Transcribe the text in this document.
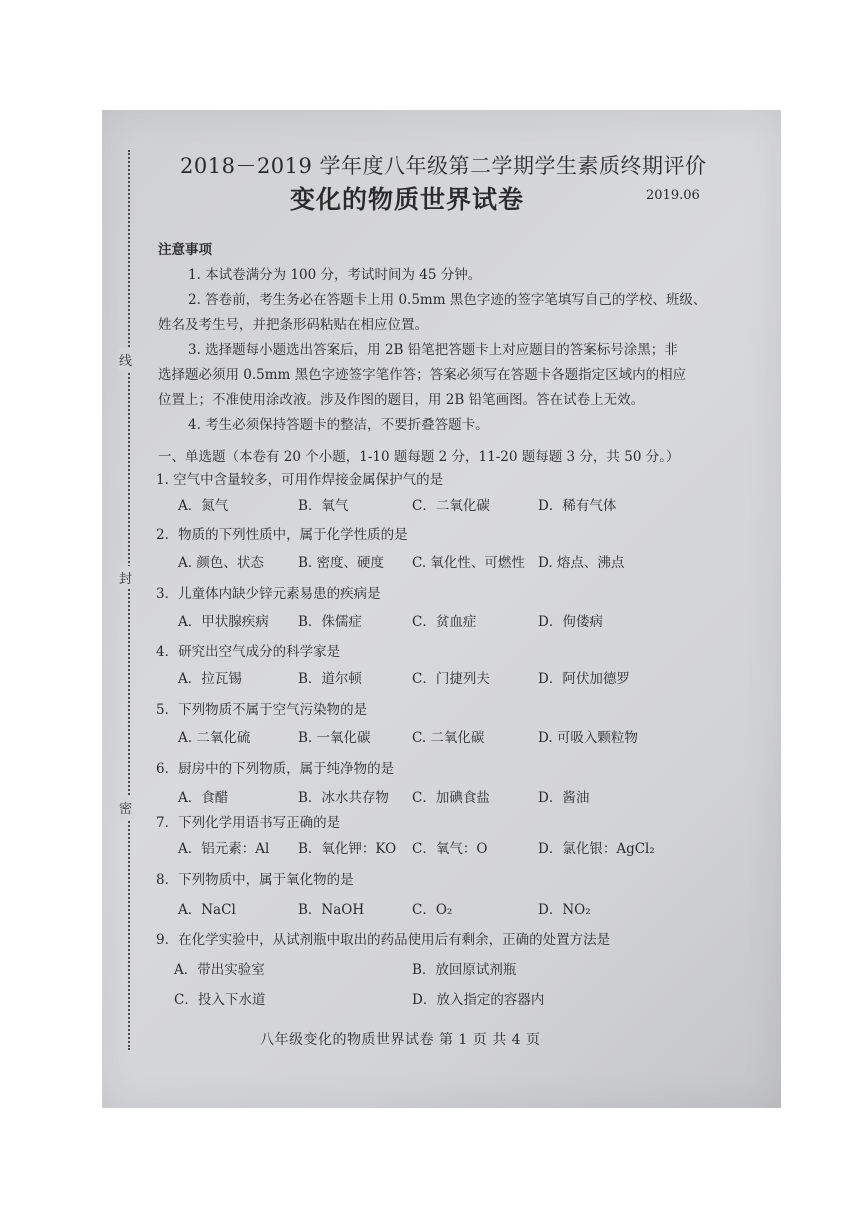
线
封
密
2018－2019 学年度八年级第二学期学生素质终期评价
变化的物质世界试卷	2019.06
注意事项
1. 本试卷满分为 100 分，考试时间为 45 分钟。
2. 答卷前，考生务必在答题卡上用 0.5mm 黑色字迹的签字笔填写自己的学校、班级、
姓名及考生号，并把条形码粘贴在相应位置。
3. 选择题每小题选出答案后，用 2B 铅笔把答题卡上对应题目的答案标号涂黑；非
选择题必须用 0.5mm 黑色字迹签字笔作答；答案必须写在答题卡各题指定区域内的相应
位置上；不准使用涂改液。涉及作图的题目，用 2B 铅笔画图。答在试卷上无效。
4. 考生必须保持答题卡的整洁，不要折叠答题卡。
一、单选题（本卷有 20 个小题，1-10 题每题 2 分，11-20 题每题 3 分，共 50 分。）
1. 空气中含量较多，可用作焊接金属保护气的是
A．氮气	B．氧气	C．二氧化碳	D．稀有气体
2．物质的下列性质中，属于化学性质的是
A. 颜色、状态	B. 密度、硬度 C. 氧化性、可燃性 D. 熔点、沸点
3．儿童体内缺少锌元素易患的疾病是
A．甲状腺疾病 B．侏儒症	C．贫血症	D．佝偻病
4．研究出空气成分的科学家是
A．拉瓦锡	B．道尔顿	C．门捷列夫	D．阿伏加德罗
5．下列物质不属于空气污染物的是
A. 二氧化硫	B. 一氧化碳	C. 二氧化碳	D. 可吸入颗粒物
6．厨房中的下列物质，属于纯净物的是
A．食醋	B．冰水共存物 C．加碘食盐	D．酱油
7．下列化学用语书写正确的是
A．铝元素：Al B．氧化钾：KO C．氧气：O	D．氯化银：AgCl₂
8．下列物质中，属于氧化物的是
A．NaCl	B．NaOH	C．O₂	D．NO₂
9．在化学实验中，从试剂瓶中取出的药品使用后有剩余，正确的处置方法是
A．带出实验室	B．放回原试剂瓶
C．投入下水道	D．放入指定的容器内
八年级变化的物质世界试卷 第 1 页 共 4 页
